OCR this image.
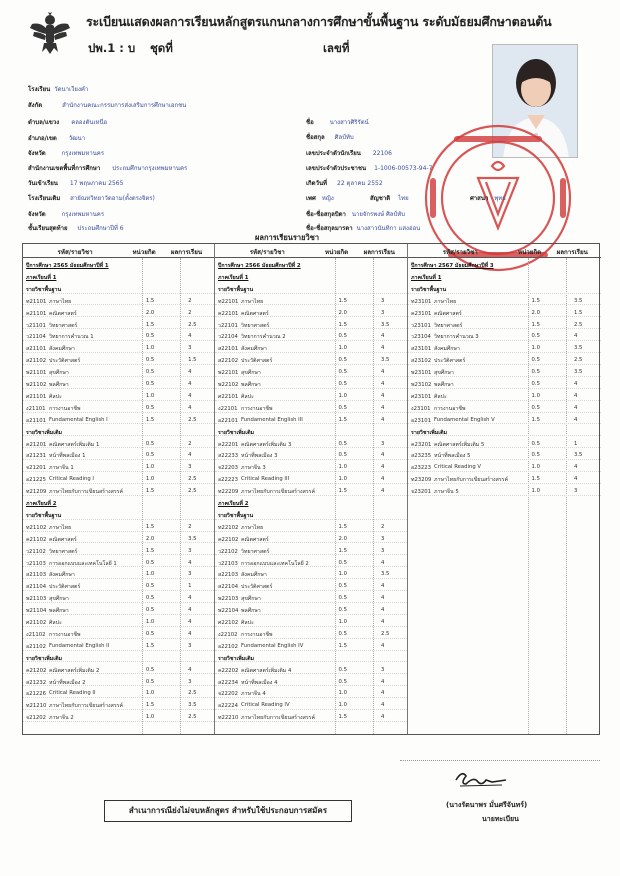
ระเบียนแสดงผลการเรียนหลักสูตรแกนกลางการศึกษาขั้นพื้นฐาน ระดับมัธยมศึกษาตอนต้น
ปพ.1 : บ ชุดที่	เลขที่
โรงเรียน วัดนาเวียงคำ
สังกัด	สำนักงานคณะกรรมการส่งเสริมการศึกษาเอกชน
ตำบล/แขวง คลองตันเหนือ
อำเภอ/เขต วัฒนา
จังหวัด	กรุงเทพมหานคร
สำนักงานเขตพื้นที่การศึกษา ประถมศึกษากรุงเทพมหานคร
วันเข้าเรียน 17 พฤษภาคม 2565
โรงเรียนเดิม สายัณหวิทยาวัดอาม(ตั้งตรงจิตร)
จังหวัด	กรุงเทพมหานคร
ชั้นเรียนสุดท้าย ประถมศึกษาปีที่ 6
ชื่อ	นางสาวศิริรัตน์
ชื่อสกุล ศิลป์ทับ
เลขประจำตัวนักเรียน 22106
เลขประจำตัวประชาชน 1-1006-00573-94-7
เกิดวันที่ 22 ตุลาคม 2552
เพศ หญิง	สัญชาติ ไทย	ศาสนา พุทธ
ชื่อ-ชื่อสกุลบิดา นายจักรพงษ์ ศิลป์ทับ
ชื่อ-ชื่อสกุลมารดา นางสาวนันทิกา แสงอ่อน
ผลการเรียนรายวิชา
รหัส/รายวิชา	หน่วยกิต ผลการเรียน
ปีการศึกษา 2565 มัธยมศึกษาปีที่ 1
ภาคเรียนที่ 1
รายวิชาพื้นฐาน
ท21101 ภาษาไทย	1.5	2
ค21101 คณิตศาสตร์	2.0	2
ว21101 วิทยาศาสตร์	1.5	2.5
ว21104 วิทยาการคำนวณ 1	0.5	4
ส21101 สังคมศึกษา	1.0	3
ส21102 ประวัติศาสตร์	0.5	1.5
พ21101 สุขศึกษา	0.5	4
พ21102 พลศึกษา	0.5	4
ศ21101 ศิลปะ	1.0	4
ง21101 การงานอาชีพ	0.5	4
อ21101 Fundamental English I	1.5	2.5
รายวิชาเพิ่มเติม
ค21201 คณิตศาสตร์เพิ่มเติม 1	0.5	2
ส21231 หน้าที่พลเมือง 1	0.5	4
จ21201 ภาษาจีน 1	1.0	3
อ21225 Critical Reading I	1.0	2.5
ท21209 ภาษาไทยกับการเขียนสร้างสรรค์	1.5	2.5
ภาคเรียนที่ 2
รายวิชาพื้นฐาน
ท21102 ภาษาไทย	1.5	2
ค21102 คณิตศาสตร์	2.0	3.5
ว21102 วิทยาศาสตร์	1.5	3
ว21103 การออกแบบและเทคโนโลยี 1	0.5	4
ส21103 สังคมศึกษา	1.0	3
ส21104 ประวัติศาสตร์	0.5	1
พ21103 สุขศึกษา	0.5	4
พ21104 พลศึกษา	0.5	4
ศ21102 ศิลปะ	1.0	4
ง21102 การงานอาชีพ	0.5	4
อ21102 Fundamental English II	1.5	3
รายวิชาเพิ่มเติม
ค21202 คณิตศาสตร์เพิ่มเติม 2	0.5	4
ส21232 หน้าที่พลเมือง 2	0.5	3
อ21226 Critical Reading II	1.0	2.5
ท21210 ภาษาไทยกับการเขียนสร้างสรรค์	1.5	3.5
จ21202 ภาษาจีน 2	1.0	2.5
รหัส/รายวิชา	หน่วยกิต ผลการเรียน
ปีการศึกษา 2566 มัธยมศึกษาปีที่ 2
ภาคเรียนที่ 1
รายวิชาพื้นฐาน
ท22101 ภาษาไทย	1.5	3
ค22101 คณิตศาสตร์	2.0	3
ว22101 วิทยาศาสตร์	1.5	3.5
ว22104 วิทยาการคำนวณ 2	0.5	4
ส22101 สังคมศึกษา	1.0	4
ส22102 ประวัติศาสตร์	0.5	3.5
พ22101 สุขศึกษา	0.5	4
พ22102 พลศึกษา	0.5	4
ศ22101 ศิลปะ	1.0	4
ง22101 การงานอาชีพ	0.5	4
อ22101 Fundamental English III	1.5	4
รายวิชาเพิ่มเติม
ค22201 คณิตศาสตร์เพิ่มเติม 3	0.5	3
ส22233 หน้าที่พลเมือง 3	0.5	4
จ22203 ภาษาจีน 3	1.0	4
อ22223 Critical Reading III	1.0	4
ท22209 ภาษาไทยกับการเขียนสร้างสรรค์	1.5	4
ภาคเรียนที่ 2
รายวิชาพื้นฐาน
ท22102 ภาษาไทย	1.5	2
ค22102 คณิตศาสตร์	2.0	3
ว22102 วิทยาศาสตร์	1.5	3
ว22103 การออกแบบและเทคโนโลยี 2	0.5	4
ส22103 สังคมศึกษา	1.0	3.5
ส22104 ประวัติศาสตร์	0.5	4
พ22103 สุขศึกษา	0.5	4
พ22104 พลศึกษา	0.5	4
ศ22102 ศิลปะ	1.0	4
ง22102 การงานอาชีพ	0.5	2.5
อ22102 Fundamental English IV	1.5	4
รายวิชาเพิ่มเติม
ค22202 คณิตศาสตร์เพิ่มเติม 4	0.5	3
ส22234 หน้าที่พลเมือง 4	0.5	4
จ22202 ภาษาจีน 4	1.0	4
อ22224 Critical Reading IV	1.0	4
ท22210 ภาษาไทยกับการเขียนสร้างสรรค์	1.5	4
รหัส/รายวิชา	หน่วยกิต ผลการเรียน
ปีการศึกษา 2567 มัธยมศึกษาปีที่ 3
ภาคเรียนที่ 1
รายวิชาพื้นฐาน
ท23101 ภาษาไทย	1.5	3.5
ค23101 คณิตศาสตร์	2.0	1.5
ว23101 วิทยาศาสตร์	1.5	2.5
ว23104 วิทยาการคำนวณ 3	0.5	4
ส23101 สังคมศึกษา	1.0	3.5
ส23102 ประวัติศาสตร์	0.5	2.5
พ23101 สุขศึกษา	0.5	3.5
พ23102 พลศึกษา	0.5	4
ศ23101 ศิลปะ	1.0	4
ง23101 การงานอาชีพ	0.5	4
อ23101 Fundamental English V	1.5	4
รายวิชาเพิ่มเติม
ค23201 คณิตศาสตร์เพิ่มเติม 5	0.5	1
ส23235 หน้าที่พลเมือง 5	0.5	3.5
อ23223 Critical Reading V	1.0	4
ท23209 ภาษาไทยกับการเขียนสร้างสรรค์	1.5	4
จ23201 ภาษาจีน 5	1.0	3
(นางรัตนาพร มั่นศรีจันทร์)
นายทะเบียน
สำเนาการณีย่งไม่จบหลักสูตร สำหรับใช้ประกอบการสมัคร
